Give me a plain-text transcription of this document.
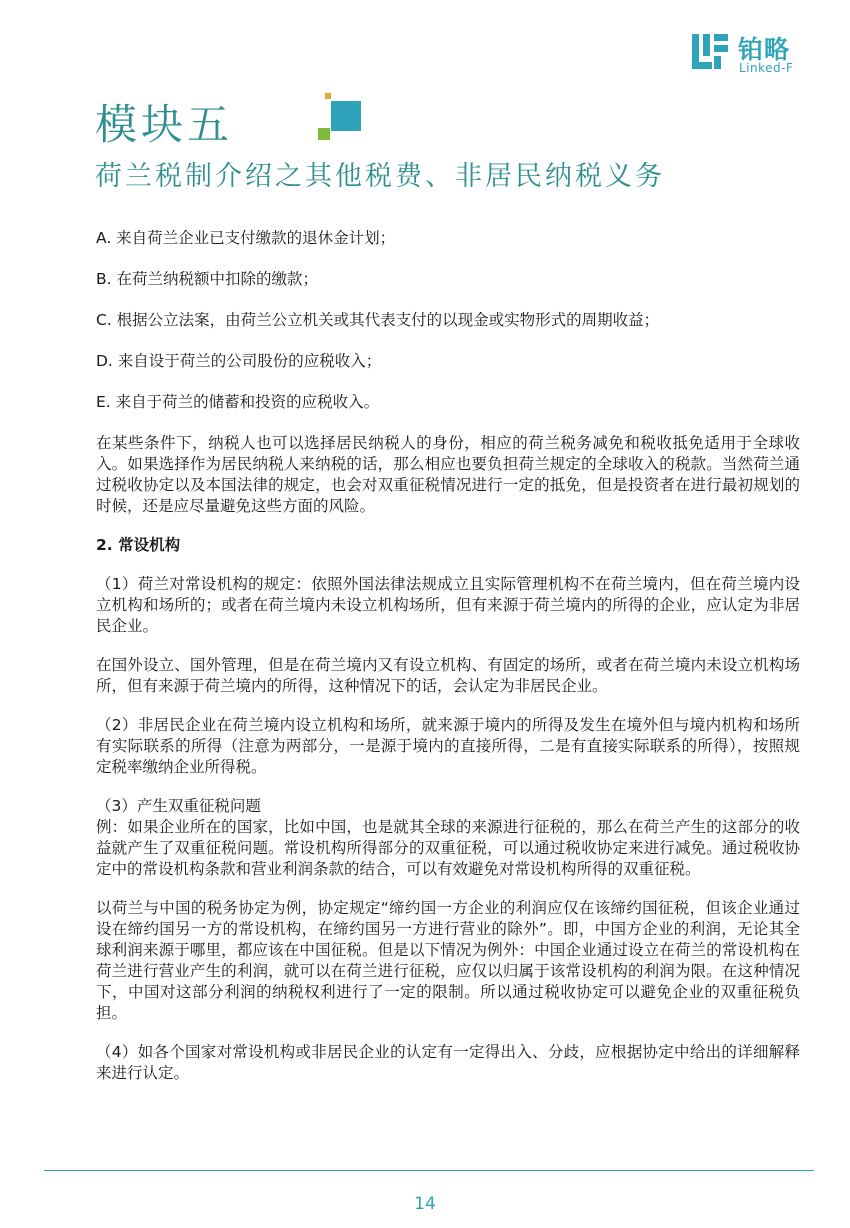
铂略
Linked-F
模块五
荷兰税制介绍之其他税费、非居民纳税义务

A. 来自荷兰企业已支付缴款的退休金计划；

B. 在荷兰纳税额中扣除的缴款；

C. 根据公立法案，由荷兰公立机关或其代表支付的以现金或实物形式的周期收益；

D. 来自设于荷兰的公司股份的应税收入；

E. 来自于荷兰的储蓄和投资的应税收入。

在某些条件下，纳税人也可以选择居民纳税人的身份，相应的荷兰税务减免和税收抵免适用于全球收入。如果选择作为居民纳税人来纳税的话，那么相应也要负担荷兰规定的全球收入的税款。当然荷兰通过税收协定以及本国法律的规定，也会对双重征税情况进行一定的抵免，但是投资者在进行最初规划的时候，还是应尽量避免这些方面的风险。

2. 常设机构

（1）荷兰对常设机构的规定：依照外国法律法规成立且实际管理机构不在荷兰境内，但在荷兰境内设立机构和场所的；或者在荷兰境内未设立机构场所，但有来源于荷兰境内的所得的企业，应认定为非居民企业。

在国外设立、国外管理，但是在荷兰境内又有设立机构、有固定的场所，或者在荷兰境内未设立机构场所，但有来源于荷兰境内的所得，这种情况下的话，会认定为非居民企业。

（2）非居民企业在荷兰境内设立机构和场所，就来源于境内的所得及发生在境外但与境内机构和场所有实际联系的所得（注意为两部分，一是源于境内的直接所得，二是有直接实际联系的所得），按照规定税率缴纳企业所得税。

（3）产生双重征税问题

例：如果企业所在的国家，比如中国，也是就其全球的来源进行征税的，那么在荷兰产生的这部分的收益就产生了双重征税问题。常设机构所得部分的双重征税，可以通过税收协定来进行减免。通过税收协定中的常设机构条款和营业利润条款的结合，可以有效避免对常设机构所得的双重征税。

以荷兰与中国的税务协定为例，协定规定“缔约国一方企业的利润应仅在该缔约国征税，但该企业通过设在缔约国另一方的常设机构，在缔约国另一方进行营业的除外”。即，中国方企业的利润，无论其全球利润来源于哪里，都应该在中国征税。但是以下情况为例外：中国企业通过设立在荷兰的常设机构在荷兰进行营业产生的利润，就可以在荷兰进行征税，应仅以归属于该常设机构的利润为限。在这种情况下，中国对这部分利润的纳税权利进行了一定的限制。所以通过税收协定可以避免企业的双重征税负担。

（4）如各个国家对常设机构或非居民企业的认定有一定得出入、分歧，应根据协定中给出的详细解释来进行认定。

14
